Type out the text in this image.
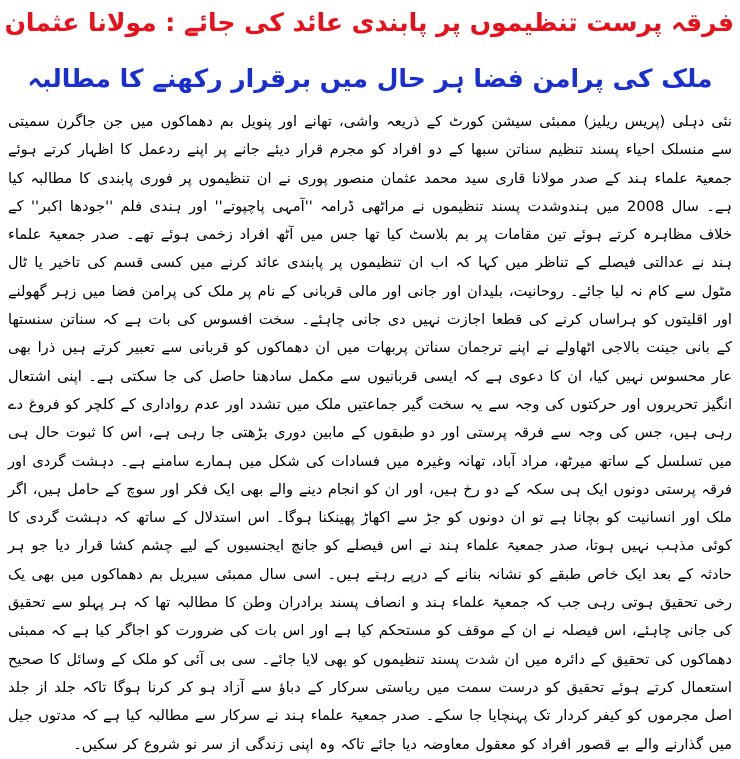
فرقہ پرست تنظیموں پر پابندی عائد کی جائے : مولانا عثمان
ملک کی پرامن فضا ہر حال میں برقرار رکھنے کا مطالبہ

نئی دہلی (پریس ریلیز) ممبئی سیشن کورٹ کے ذریعہ واشی، تھانے اور پنویل بم دھماکوں میں جن جاگرن سمیتی سے منسلک احیاء پسند تنظیم سناتن سبھا کے دو افراد کو مجرم قرار دیئے جانے پر اپنے ردعمل کا اظہار کرتے ہوئے جمعیۃ علماء ہند کے صدر مولانا قاری سید محمد عثمان منصور پوری نے ان تنظیموں پر فوری پابندی کا مطالبہ کیا ہے۔ سال 2008 میں ہندوشدت پسند تنظیموں نے مراٹھی ڈرامہ ''آمہی پاچپوتے'' اور ہندی فلم ''جودھا اکبر'' کے خلاف مظاہرہ کرتے ہوئے تین مقامات پر بم بلاسٹ کیا تھا جس میں آٹھ افراد زخمی ہوئے تھے۔ صدر جمعیۃ علماء ہند نے عدالتی فیصلے کے تناظر میں کہا کہ اب ان تنظیموں پر پابندی عائد کرنے میں کسی قسم کی تاخیر یا ٹال مٹول سے کام نہ لیا جائے۔ روحانیت، بلیدان اور جانی اور مالی قربانی کے نام پر ملک کی پرامن فضا میں زہر گھولنے اور اقلیتوں کو ہراساں کرنے کی قطعا اجازت نہیں دی جانی چاہئے۔ سخت افسوس کی بات ہے کہ سناتن سنستھا کے بانی جینت بالاجی اٹھاولے نے اپنے ترجمان سناتن پربھات میں ان دھماکوں کو قربانی سے تعبیر کرتے ہیں ذرا بھی عار محسوس نہیں کیا، ان کا دعوی ہے کہ ایسی قربانیوں سے مکمل سادھنا حاصل کی جا سکتی ہے۔ اپنی اشتعال انگیز تحریروں اور حرکتوں کی وجہ سے یہ سخت گیر جماعتیں ملک میں تشدد اور عدم رواداری کے کلچر کو فروغ دے رہی ہیں، جس کی وجہ سے فرقہ پرستی اور دو طبقوں کے مابین دوری بڑھتی جا رہی ہے، اس کا ثبوت حال ہی میں تسلسل کے ساتھ میرٹھ، مراد آباد، تھانہ وغیرہ میں فسادات کی شکل میں ہمارے سامنے ہے۔ دہشت گردی اور فرقہ پرستی دونوں ایک ہی سکہ کے دو رخ ہیں، اور ان کو انجام دینے والے بھی ایک فکر اور سوچ کے حامل ہیں، اگر ملک اور انسانیت کو بچانا ہے تو ان دونوں کو جڑ سے اکھاڑ پھینکنا ہوگا۔ اس استدلال کے ساتھ کہ دہشت گردی کا کوئی مذہب نہیں ہوتا، صدر جمعیۃ علماء ہند نے اس فیصلے کو جانچ ایجنسیوں کے لیے چشم کشا قرار دیا جو ہر حادثہ کے بعد ایک خاص طبقے کو نشانہ بنانے کے درپے رہتے ہیں۔ اسی سال ممبئی سیریل بم دھماکوں میں بھی یک رخی تحقیق ہوتی رہی جب کہ جمعیۃ علماء ہند و انصاف پسند برادران وطن کا مطالبہ تھا کہ ہر پہلو سے تحقیق کی جانی چاہئے، اس فیصلہ نے ان کے موقف کو مستحکم کیا ہے اور اس بات کی ضرورت کو اجاگر کیا ہے کہ ممبئی دھماکوں کی تحقیق کے دائرہ میں ان شدت پسند تنظیموں کو بھی لایا جائے۔ سی بی آئی کو ملک کے وسائل کا صحیح استعمال کرتے ہوئے تحقیق کو درست سمت میں ریاستی سرکار کے دباؤ سے آزاد ہو کر کرنا ہوگا تاکہ جلد از جلد اصل مجرموں کو کیفر کردار تک پہنچایا جا سکے۔ صدر جمعیۃ علماء ہند نے سرکار سے مطالبہ کیا ہے کہ مدتوں جیل میں گذارنے والے بے قصور افراد کو معقول معاوضہ دیا جائے تاکہ وہ اپنی زندگی از سر نو شروع کر سکیں۔
